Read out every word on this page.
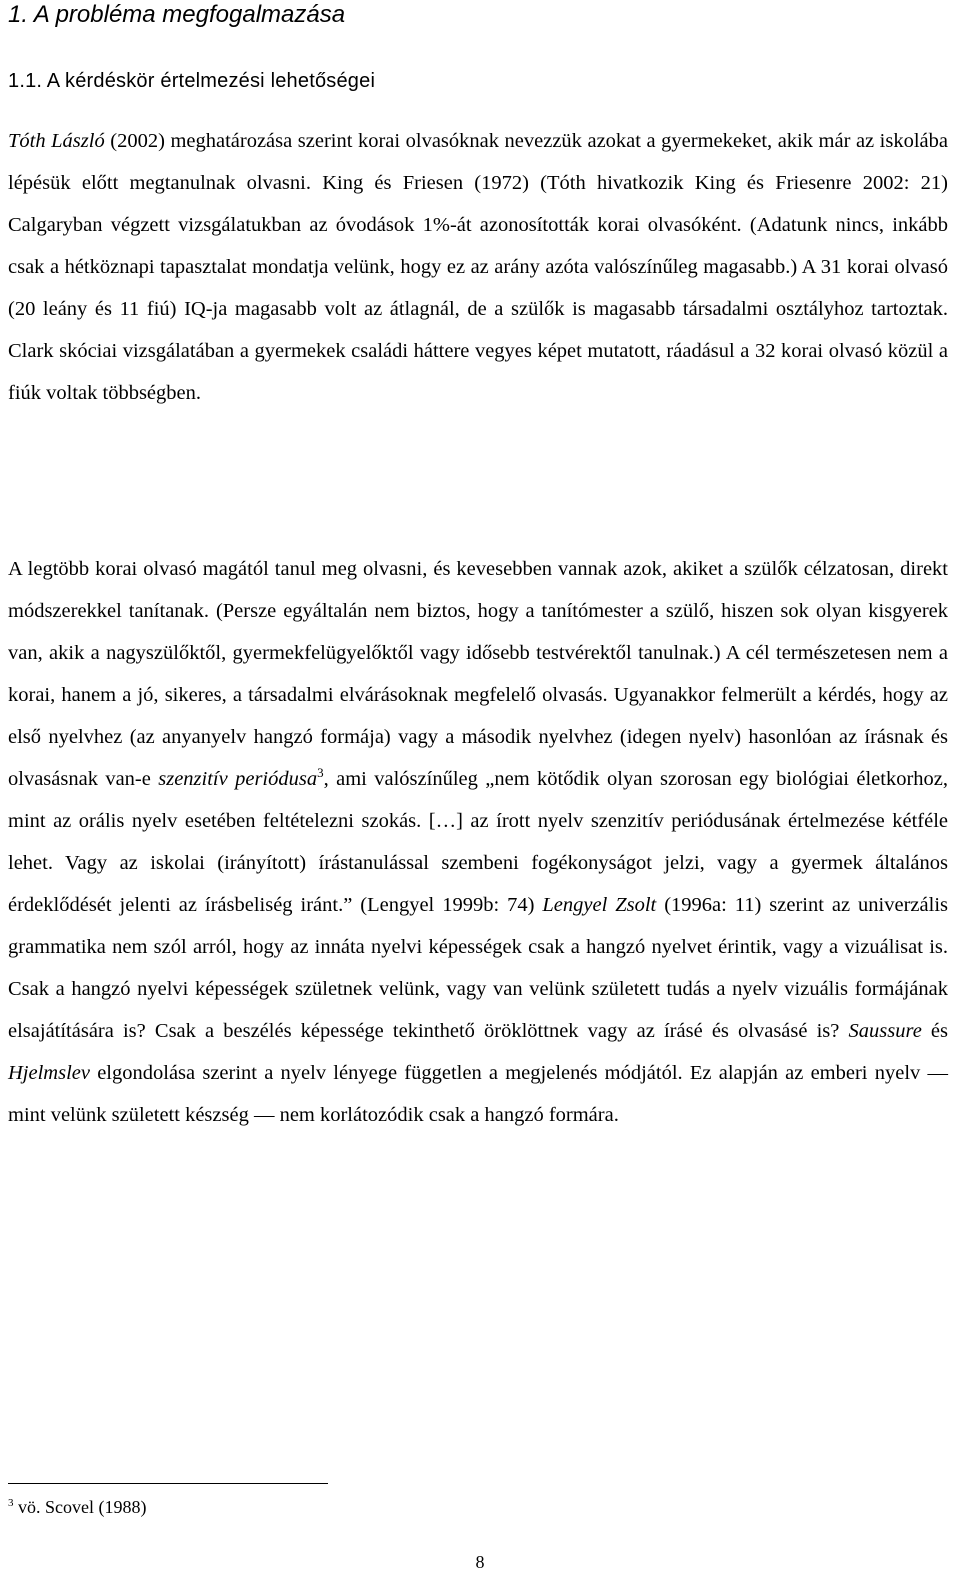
1. A probléma megfogalmazása
1.1. A kérdéskör értelmezési lehetőségei

Tóth László (2002) meghatározása szerint korai olvasóknak nevezzük azokat a gyermekeket, akik már az iskolába lépésük előtt megtanulnak olvasni. King és Friesen (1972) (Tóth hivatkozik King és Friesenre 2002: 21) Calgaryban végzett vizsgálatukban az óvodások 1%-át azonosították korai olvasóként. (Adatunk nincs, inkább csak a hétköznapi tapasztalat mondatja velünk, hogy ez az arány azóta valószínűleg magasabb.) A 31 korai olvasó (20 leány és 11 fiú) IQ-ja magasabb volt az átlagnál, de a szülők is magasabb társadalmi osztályhoz tartoztak. Clark skóciai vizsgálatában a gyermekek családi háttere vegyes képet mutatott, ráadásul a 32 korai olvasó közül a fiúk voltak többségben.

A legtöbb korai olvasó magától tanul meg olvasni, és kevesebben vannak azok, akiket a szülők célzatosan, direkt módszerekkel tanítanak. (Persze egyáltalán nem biztos, hogy a tanítómester a szülő, hiszen sok olyan kisgyerek van, akik a nagyszülőktől, gyermekfelügyelőktől vagy idősebb testvérektől tanulnak.) A cél természetesen nem a korai, hanem a jó, sikeres, a társadalmi elvárásoknak megfelelő olvasás. Ugyanakkor felmerült a kérdés, hogy az első nyelvhez (az anyanyelv hangzó formája) vagy a második nyelvhez (idegen nyelv) hasonlóan az írásnak és olvasásnak van-e szenzitív periódusa$^3$, ami valószínűleg „nem kötődik olyan szorosan egy biológiai életkorhoz, mint az orális nyelv esetében feltételezni szokás. […] az írott nyelv szenzitív periódusának értelmezése kétféle lehet. Vagy az iskolai (irányított) írástanulással szembeni fogékonyságot jelzi, vagy a gyermek általános érdeklődését jelenti az írásbeliség iránt.” (Lengyel 1999b: 74) Lengyel Zsolt (1996a: 11) szerint az univerzális grammatika nem szól arról, hogy az innáta nyelvi képességek csak a hangzó nyelvet érintik, vagy a vizuálisat is. Csak a hangzó nyelvi képességek születnek velünk, vagy van velünk született tudás a nyelv vizuális formájának elsajátítására is? Csak a beszélés képessége tekinthető öröklöttnek vagy az írásé és olvasásé is? Saussure és Hjelmslev elgondolása szerint a nyelv lényege független a megjelenés módjától. Ez alapján az emberi nyelv — mint velünk született készség — nem korlátozódik csak a hangzó formára.

$^3$ vö. Scovel (1988)
8
